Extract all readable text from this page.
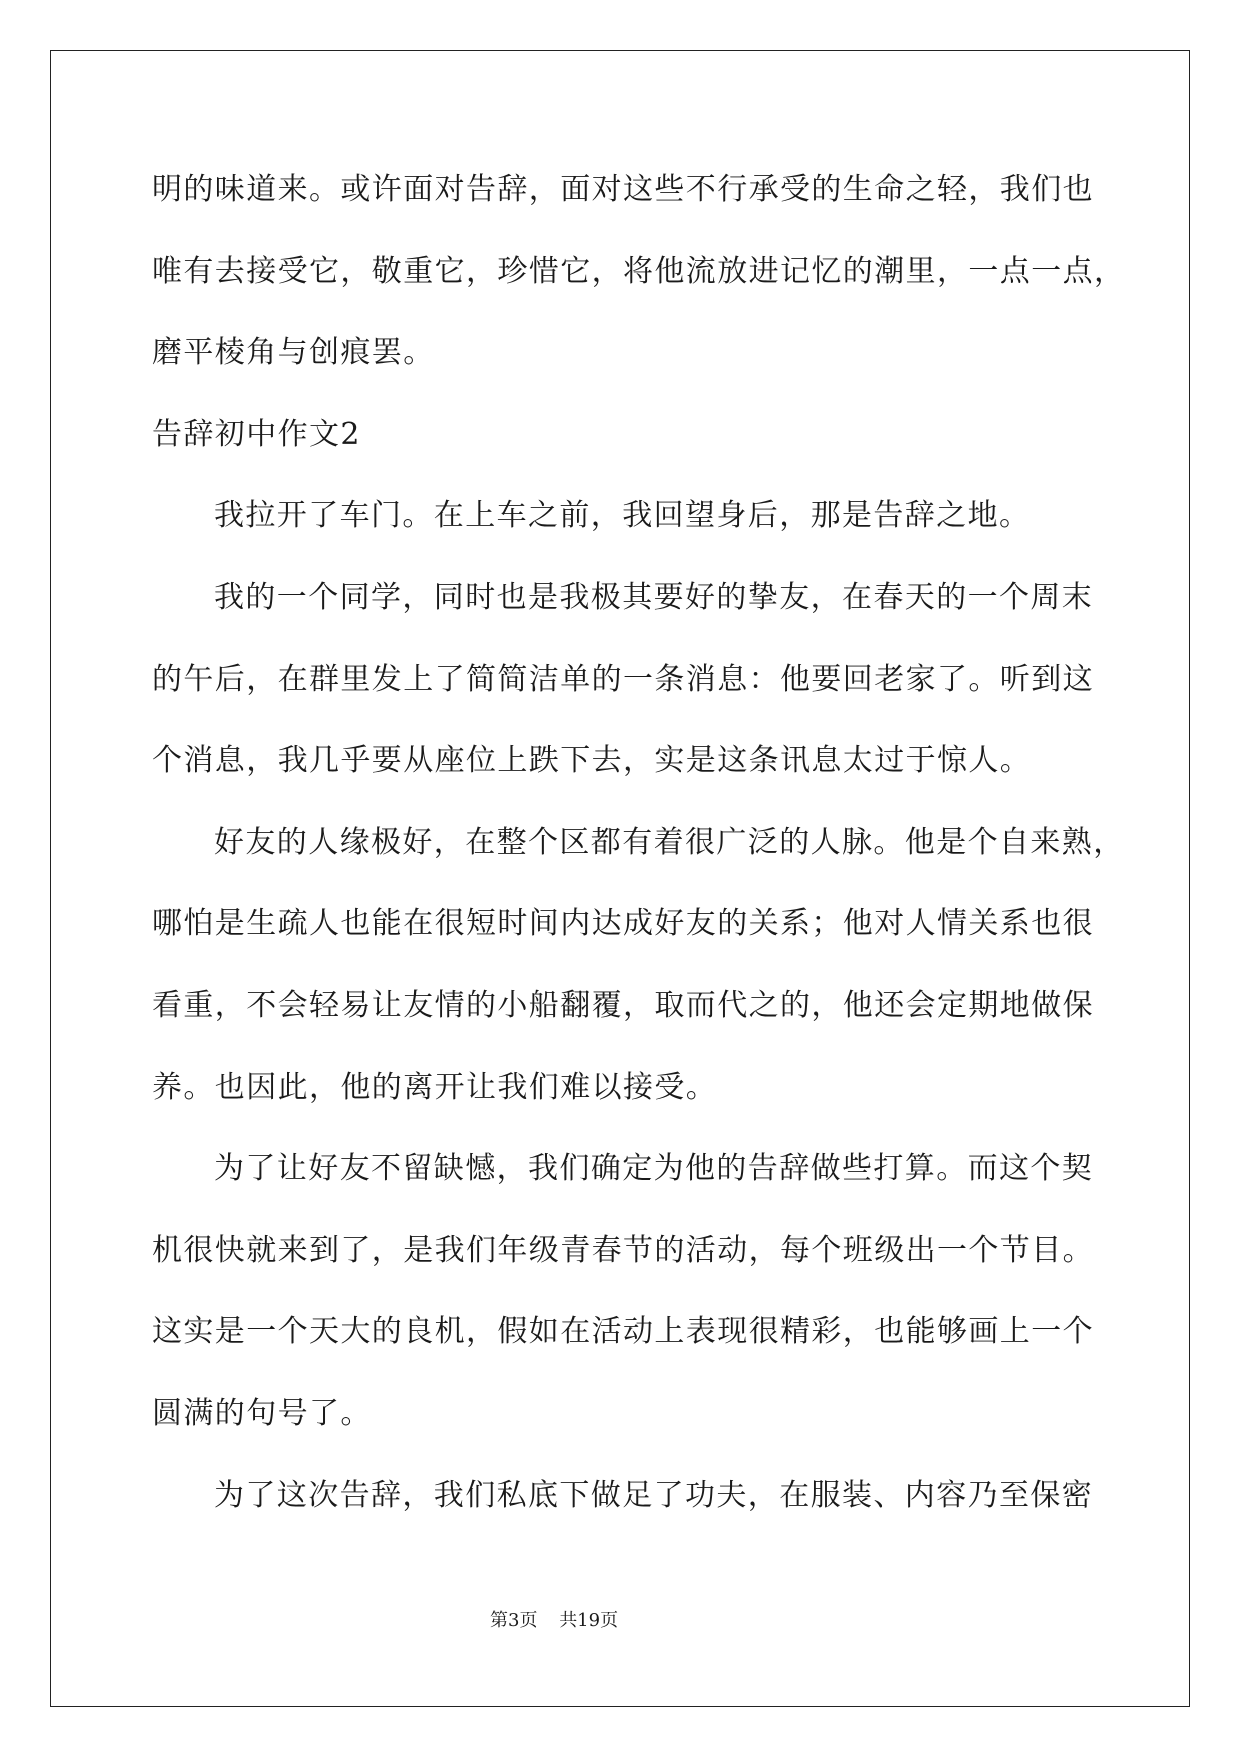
明的味道来。或许面对告辞，面对这些不行承受的生命之轻，我们也
唯有去接受它，敬重它，珍惜它，将他流放进记忆的潮里，一点一点，
磨平棱角与创痕罢。
告辞初中作文2
我拉开了车门。在上车之前，我回望身后，那是告辞之地。
我的一个同学，同时也是我极其要好的挚友，在春天的一个周末
的午后，在群里发上了简简洁单的一条消息：他要回老家了。听到这
个消息，我几乎要从座位上跌下去，实是这条讯息太过于惊人。
好友的人缘极好，在整个区都有着很广泛的人脉。他是个自来熟，
哪怕是生疏人也能在很短时间内达成好友的关系；他对人情关系也很
看重，不会轻易让友情的小船翻覆，取而代之的，他还会定期地做保
养。也因此，他的离开让我们难以接受。
为了让好友不留缺憾，我们确定为他的告辞做些打算。而这个契
机很快就来到了，是我们年级青春节的活动，每个班级出一个节目。
这实是一个天大的良机，假如在活动上表现很精彩，也能够画上一个
圆满的句号了。
为了这次告辞，我们私底下做足了功夫，在服装、内容乃至保密
第3页 共19页
